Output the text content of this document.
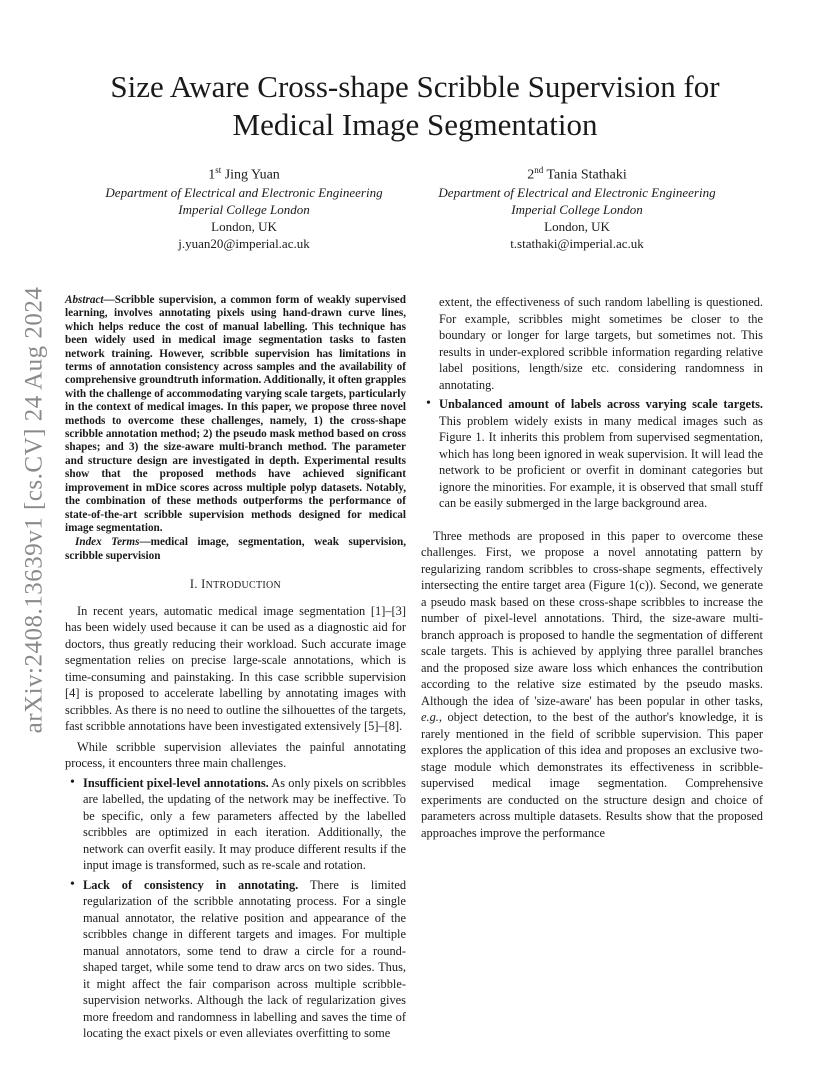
arXiv:2408.13639v1 [cs.CV] 24 Aug 2024
Size Aware Cross-shape Scribble Supervision for Medical Image Segmentation
1st Jing Yuan
Department of Electrical and Electronic Engineering
Imperial College London
London, UK
j.yuan20@imperial.ac.uk
2nd Tania Stathaki
Department of Electrical and Electronic Engineering
Imperial College London
London, UK
t.stathaki@imperial.ac.uk

Abstract—Scribble supervision, a common form of weakly supervised learning, involves annotating pixels using hand-drawn curve lines, which helps reduce the cost of manual labelling. This technique has been widely used in medical image segmentation tasks to fasten network training. However, scribble supervision has limitations in terms of annotation consistency across samples and the availability of comprehensive groundtruth information. Additionally, it often grapples with the challenge of accommodating varying scale targets, particularly in the context of medical images. In this paper, we propose three novel methods to overcome these challenges, namely, 1) the cross-shape scribble annotation method; 2) the pseudo mask method based on cross shapes; and 3) the size-aware multi-branch method. The parameter and structure design are investigated in depth. Experimental results show that the proposed methods have achieved significant improvement in mDice scores across multiple polyp datasets. Notably, the combination of these methods outperforms the performance of state-of-the-art scribble supervision methods designed for medical image segmentation.

Index Terms—medical image, segmentation, weak supervision, scribble supervision

I. INTRODUCTION

In recent years, automatic medical image segmentation [1]–[3] has been widely used because it can be used as a diagnostic aid for doctors, thus greatly reducing their workload. Such accurate image segmentation relies on precise large-scale annotations, which is time-consuming and painstaking. In this case scribble supervision [4] is proposed to accelerate labelling by annotating images with scribbles. As there is no need to outline the silhouettes of the targets, fast scribble annotations have been investigated extensively [5]–[8].

While scribble supervision alleviates the painful annotating process, it encounters three main challenges.

• Insufficient pixel-level annotations. As only pixels on scribbles are labelled, the updating of the network may be ineffective. To be specific, only a few parameters affected by the labelled scribbles are optimized in each iteration. Additionally, the network can overfit easily. It may produce different results if the input image is transformed, such as re-scale and rotation.
• Lack of consistency in annotating. There is limited regularization of the scribble annotating process. For a single manual annotator, the relative position and appearance of the scribbles change in different targets and images. For multiple manual annotators, some tend to draw a circle for a round-shaped target, while some tend to draw arcs on two sides. Thus, it might affect the fair comparison across multiple scribble-supervision networks. Although the lack of regularization gives more freedom and randomness in labelling and saves the time of locating the exact pixels or even alleviates overfitting to some
extent, the effectiveness of such random labelling is questioned. For example, scribbles might sometimes be closer to the boundary or longer for large targets, but sometimes not. This results in under-explored scribble information regarding relative label positions, length/size etc. considering randomness in annotating.
• Unbalanced amount of labels across varying scale targets. This problem widely exists in many medical images such as Figure 1. It inherits this problem from supervised segmentation, which has long been ignored in weak supervision. It will lead the network to be proficient or overfit in dominant categories but ignore the minorities. For example, it is observed that small stuff can be easily submerged in the large background area.

Three methods are proposed in this paper to overcome these challenges. First, we propose a novel annotating pattern by regularizing random scribbles to cross-shape segments, effectively intersecting the entire target area (Figure 1(c)). Second, we generate a pseudo mask based on these cross-shape scribbles to increase the number of pixel-level annotations. Third, the size-aware multi-branch approach is proposed to handle the segmentation of different scale targets. This is achieved by applying three parallel branches and the proposed size aware loss which enhances the contribution according to the relative size estimated by the pseudo masks. Although the idea of 'size-aware' has been popular in other tasks, e.g., object detection, to the best of the author's knowledge, it is rarely mentioned in the field of scribble supervision. This paper explores the application of this idea and proposes an exclusive two-stage module which demonstrates its effectiveness in scribble-supervised medical image segmentation. Comprehensive experiments are conducted on the structure design and choice of parameters across multiple datasets. Results show that the proposed approaches improve the performance
